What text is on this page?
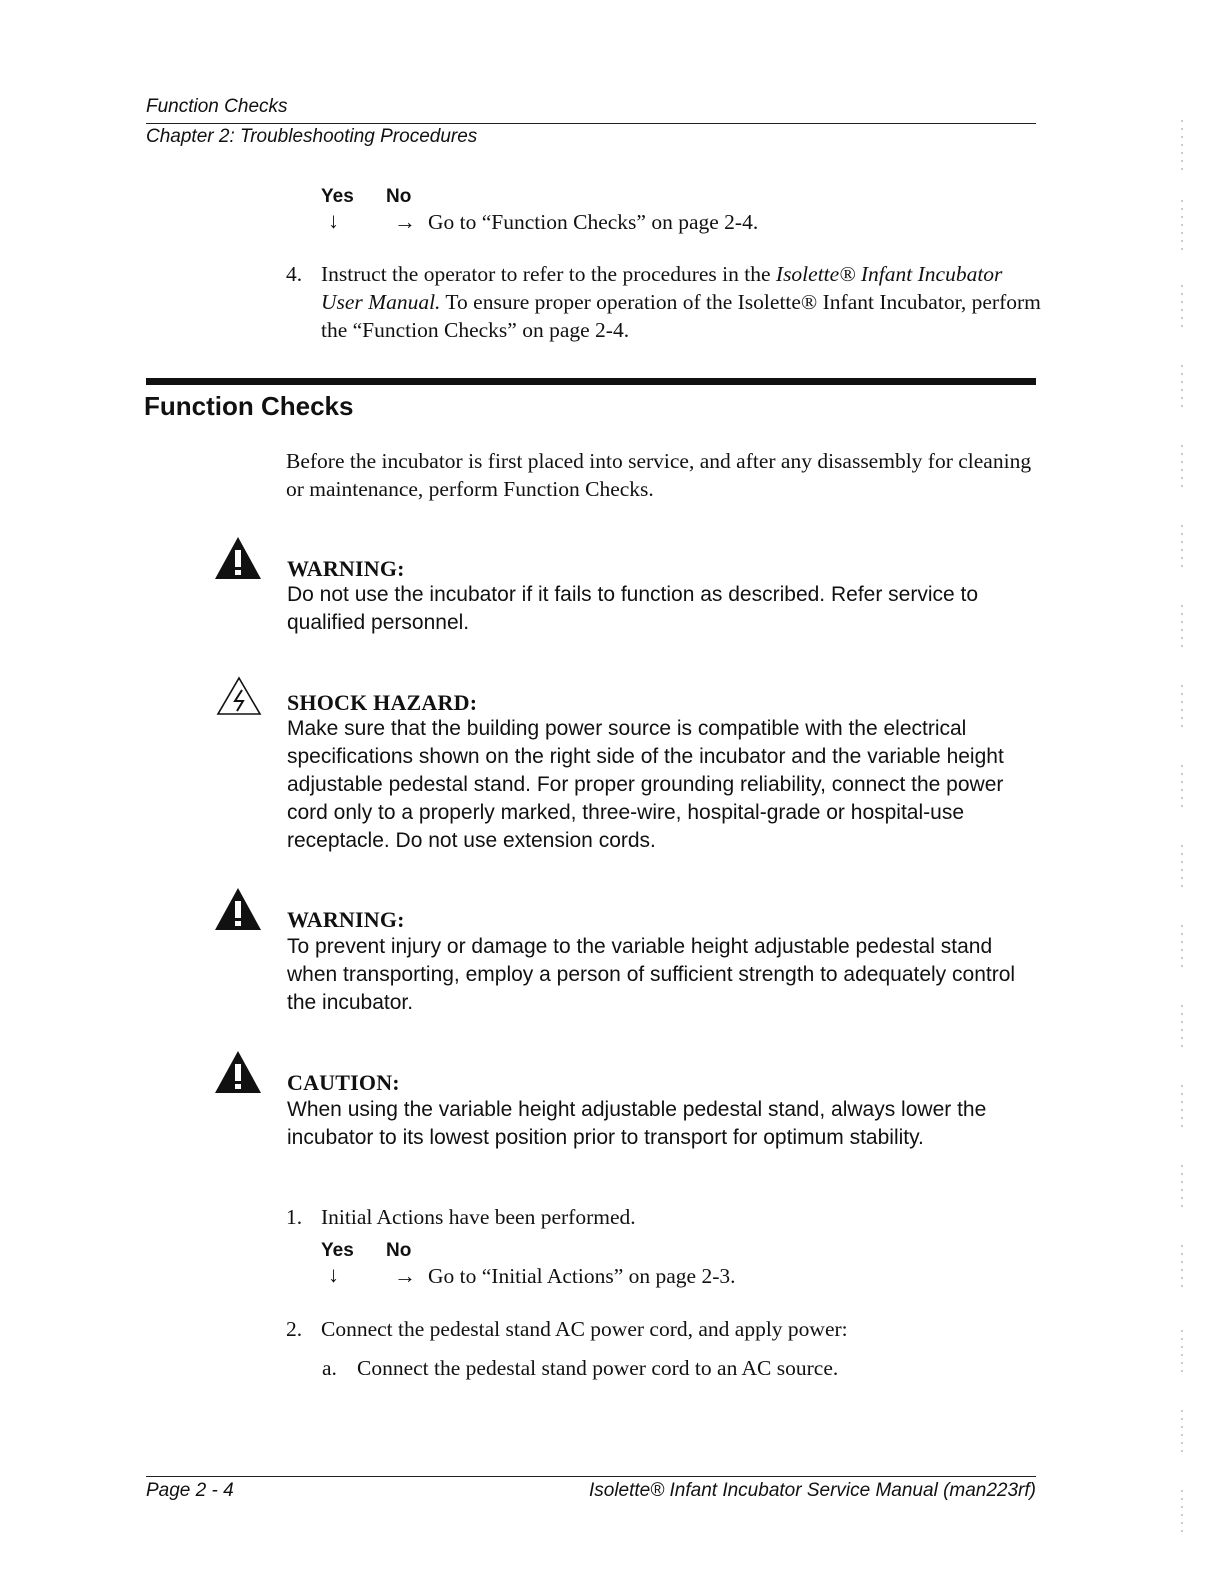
Function Checks
Chapter 2: Troubleshooting Procedures
Yes No
↓	→ Go to “Function Checks” on page 2-4.
4. Instruct the operator to refer to the procedures in the Isolette® Infant Incubator User Manual. To ensure proper operation of the Isolette® Infant Incubator, perform the “Function Checks” on page 2-4.
Function Checks
Before the incubator is first placed into service, and after any disassembly for cleaning or maintenance, perform Function Checks.
WARNING:
Do not use the incubator if it fails to function as described. Refer service to qualified personnel.
SHOCK HAZARD:
Make sure that the building power source is compatible with the electrical specifications shown on the right side of the incubator and the variable height adjustable pedestal stand. For proper grounding reliability, connect the power cord only to a properly marked, three-wire, hospital-grade or hospital-use receptacle. Do not use extension cords.
WARNING:
To prevent injury or damage to the variable height adjustable pedestal stand when transporting, employ a person of sufficient strength to adequately control the incubator.
CAUTION:
When using the variable height adjustable pedestal stand, always lower the incubator to its lowest position prior to transport for optimum stability.
1. Initial Actions have been performed.
Yes No
↓	→ Go to “Initial Actions” on page 2-3.
2. Connect the pedestal stand AC power cord, and apply power:
a. Connect the pedestal stand power cord to an AC source.
Page 2 - 4	Isolette® Infant Incubator Service Manual (man223rf)
